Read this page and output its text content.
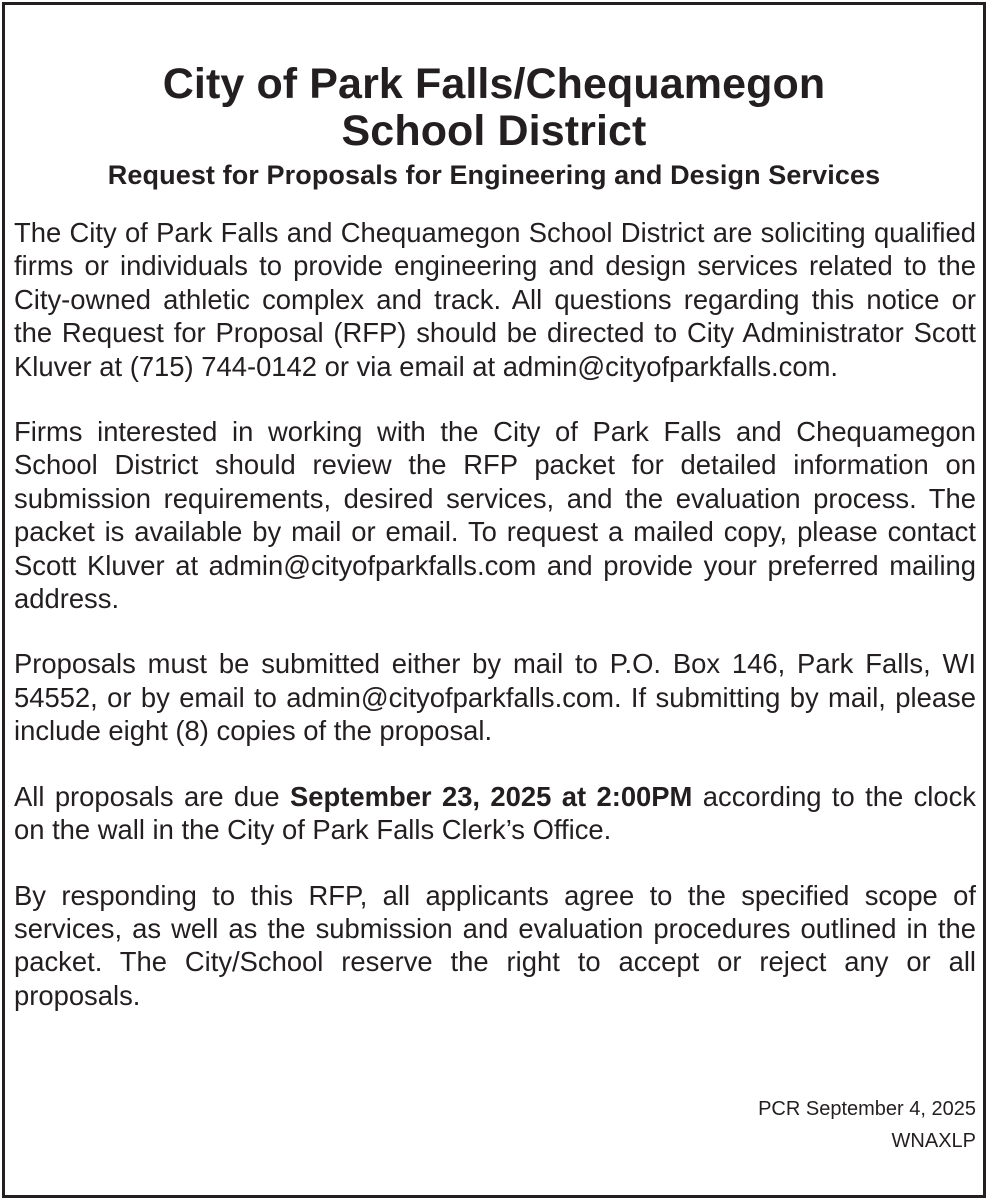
City of Park Falls/Chequamegon
School District
Request for Proposals for Engineering and Design Services

The City of Park Falls and Chequamegon School District are soliciting qualified firms or individuals to provide engineering and design services related to the City-owned athletic complex and track. All questions regarding this notice or the Request for Proposal (RFP) should be directed to City Administrator Scott Kluver at (715) 744-0142 or via email at admin@cityofparkfalls.com.

Firms interested in working with the City of Park Falls and Chequamegon School District should review the RFP packet for detailed information on submission requirements, desired services, and the evaluation process. The packet is available by mail or email. To request a mailed copy, please contact Scott Kluver at admin@cityofparkfalls.com and provide your preferred mailing address.

Proposals must be submitted either by mail to P.O. Box 146, Park Falls, WI 54552, or by email to admin@cityofparkfalls.com. If submitting by mail, please include eight (8) copies of the proposal.

All proposals are due September 23, 2025 at 2:00PM according to the clock on the wall in the City of Park Falls Clerk’s Office.

By responding to this RFP, all applicants agree to the specified scope of services, as well as the submission and evaluation procedures outlined in the packet. The City/School reserve the right to accept or reject any or all proposals.

PCR September 4, 2025
WNAXLP
